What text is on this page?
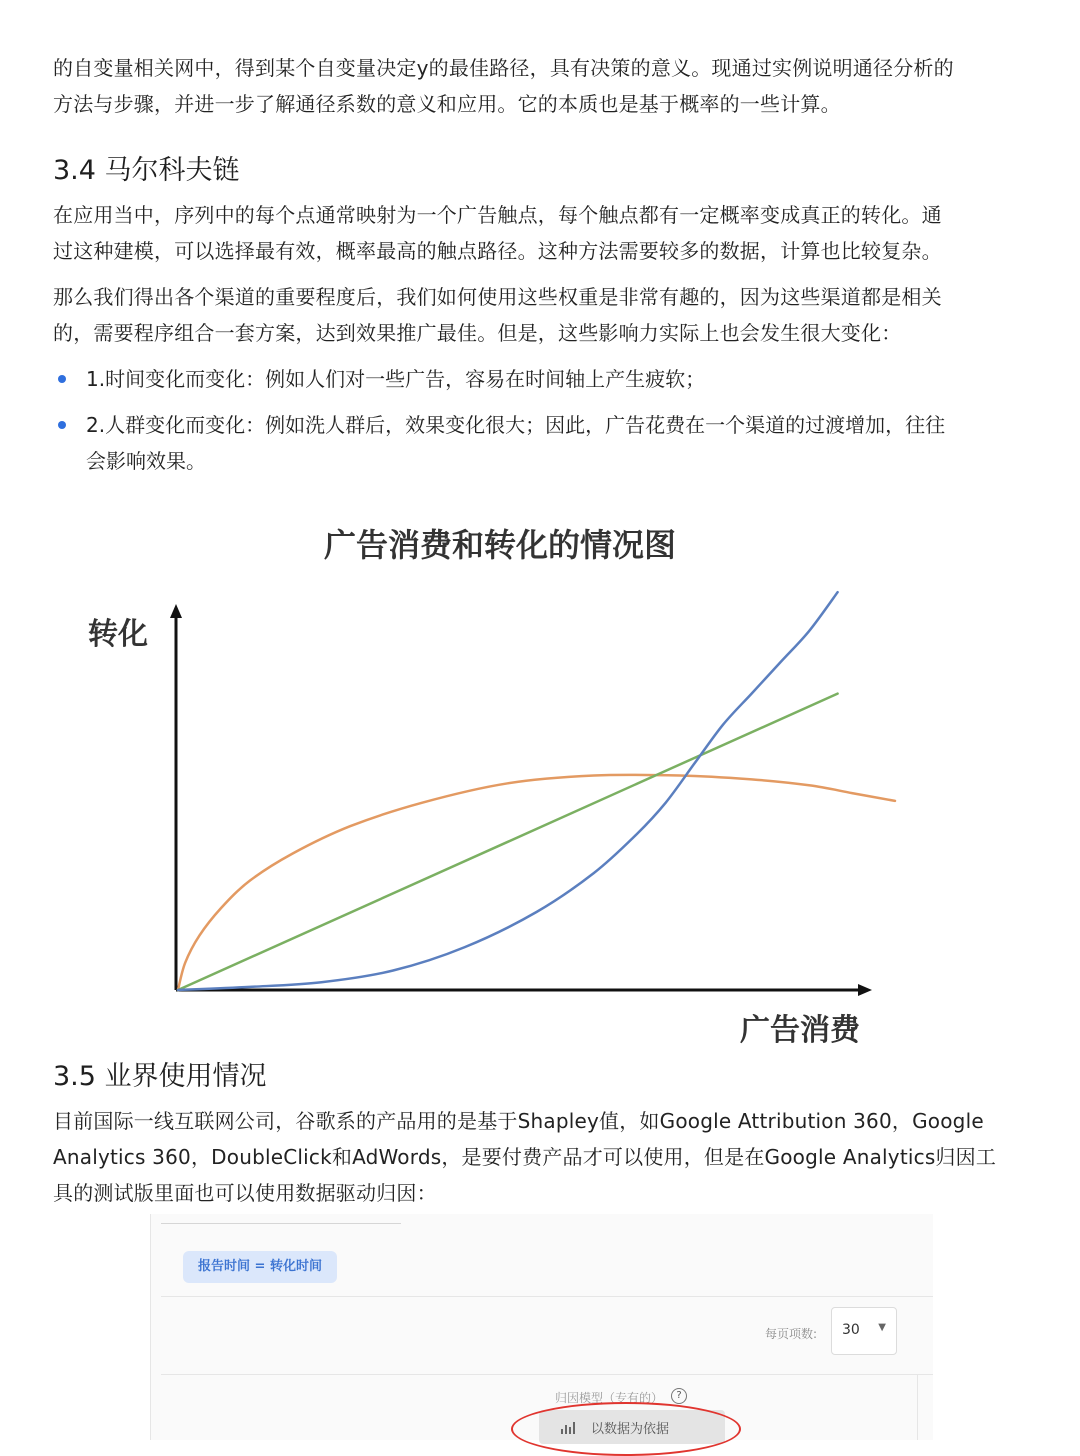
的自变量相关网中，得到某个自变量决定y的最佳路径，具有决策的意义。现通过实例说明通径分析的

方法与步骤，并进一步了解通径系数的意义和应用。它的本质也是基于概率的一些计算。

3.4 马尔科夫链

在应用当中，序列中的每个点通常映射为一个广告触点，每个触点都有一定概率变成真正的转化。通

过这种建模，可以选择最有效，概率最高的触点路径。这种方法需要较多的数据，计算也比较复杂。

那么我们得出各个渠道的重要程度后，我们如何使用这些权重是非常有趣的，因为这些渠道都是相关

的，需要程序组合一套方案，达到效果推广最佳。但是，这些影响力实际上也会发生很大变化：

1.时间变化而变化：例如人们对一些广告，容易在时间轴上产生疲软；
2.人群变化而变化：例如洗人群后，效果变化很大；因此，广告花费在一个渠道的过渡增加，往往
会影响效果。
3.5 业界使用情况

目前国际一线互联网公司，谷歌系的产品用的是基于Shapley值，如Google Attribution 360，Google

Analytics 360，DoubleClick和AdWords，是要付费产品才可以使用，但是在Google Analytics归因工

具的测试版里面也可以使用数据驱动归因：

广告消费和转化的情况图
转化
广告消费
报告时间 = 转化时间
每页项数: 30 ▼
归因模型（专有的）	?
以数据为依据
